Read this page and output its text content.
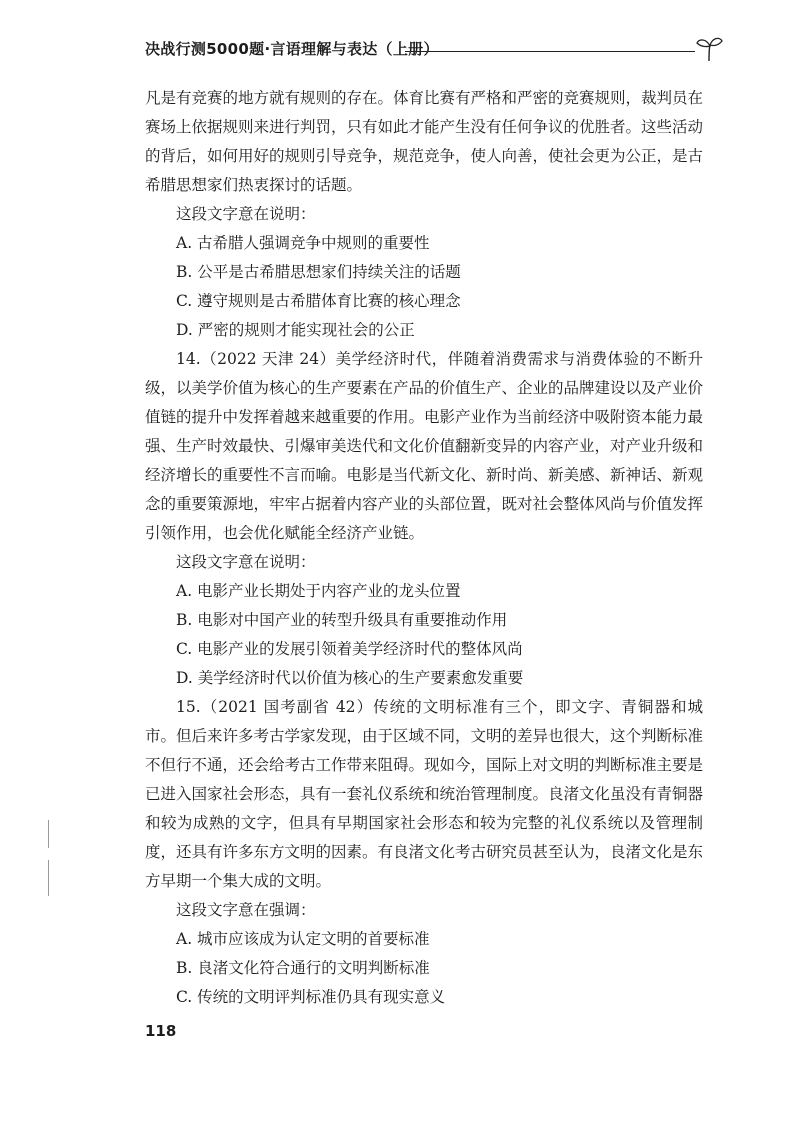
决战行测5000题·言语理解与表达（上册）

凡是有竞赛的地方就有规则的存在。体育比赛有严格和严密的竞赛规则，裁判员在赛场上依据规则来进行判罚，只有如此才能产生没有任何争议的优胜者。这些活动的背后，如何用好的规则引导竞争，规范竞争，使人向善，使社会更为公正，是古希腊思想家们热衷探讨的话题。

这段文字意在说明：

A. 古希腊人强调竞争中规则的重要性

B. 公平是古希腊思想家们持续关注的话题

C. 遵守规则是古希腊体育比赛的核心理念

D. 严密的规则才能实现社会的公正

14.（2022 天津 24）美学经济时代，伴随着消费需求与消费体验的不断升级，以美学价值为核心的生产要素在产品的价值生产、企业的品牌建设以及产业价值链的提升中发挥着越来越重要的作用。电影产业作为当前经济中吸附资本能力最强、生产时效最快、引爆审美迭代和文化价值翻新变异的内容产业，对产业升级和经济增长的重要性不言而喻。电影是当代新文化、新时尚、新美感、新神话、新观念的重要策源地，牢牢占据着内容产业的头部位置，既对社会整体风尚与价值发挥引领作用，也会优化赋能全经济产业链。

这段文字意在说明：

A. 电影产业长期处于内容产业的龙头位置

B. 电影对中国产业的转型升级具有重要推动作用

C. 电影产业的发展引领着美学经济时代的整体风尚

D. 美学经济时代以价值为核心的生产要素愈发重要

15.（2021 国考副省 42）传统的文明标准有三个，即文字、青铜器和城市。但后来许多考古学家发现，由于区域不同，文明的差异也很大，这个判断标准不但行不通，还会给考古工作带来阻碍。现如今，国际上对文明的判断标准主要是已进入国家社会形态，具有一套礼仪系统和统治管理制度。良渚文化虽没有青铜器和较为成熟的文字，但具有早期国家社会形态和较为完整的礼仪系统以及管理制度，还具有许多东方文明的因素。有良渚文化考古研究员甚至认为，良渚文化是东方早期一个集大成的文明。

这段文字意在强调：

A. 城市应该成为认定文明的首要标准

B. 良渚文化符合通行的文明判断标准

C. 传统的文明评判标准仍具有现实意义

118
